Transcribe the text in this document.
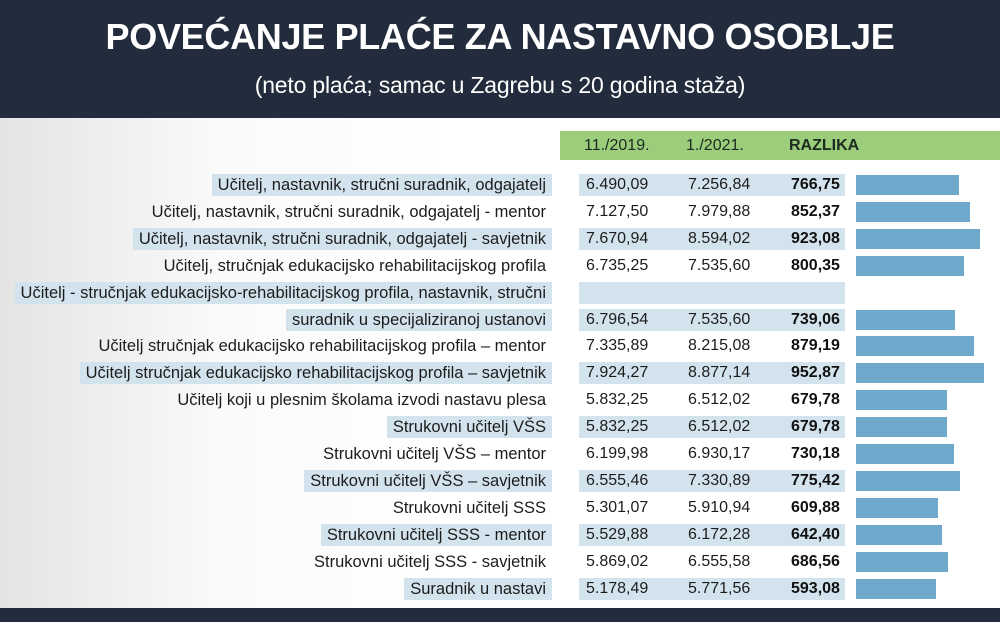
POVEĆANJE PLAĆE ZA NASTAVNO OSOBLJE
(neto plaća; samac u Zagrebu s 20 godina staža)
11./2019. 1./2021.	RAZLIKA
Učitelj, nastavnik, stručni suradnik, odgajatelj	6.490,09 7.256,84	766,75
Učitelj, nastavnik, stručni suradnik, odgajatelj - mentor	7.127,50 7.979,88	852,37
Učitelj, nastavnik, stručni suradnik, odgajatelj - savjetnik	7.670,94 8.594,02	923,08
Učitelj, stručnjak edukacijsko rehabilitacijskog profila	6.735,25 7.535,60	800,35
Učitelj - stručnjak edukacijsko-rehabilitacijskog profila, nastavnik, stručni
suradnik u specijaliziranoj ustanovi	6.796,54 7.535,60	739,06
Učitelj stručnjak edukacijsko rehabilitacijskog profila – mentor	7.335,89 8.215,08	879,19
Učitelj stručnjak edukacijsko rehabilitacijskog profila – savjetnik	7.924,27 8.877,14	952,87
Učitelj koji u plesnim školama izvodi nastavu plesa	5.832,25 6.512,02	679,78
Strukovni učitelj VŠS	5.832,25 6.512,02	679,78
Strukovni učitelj VŠS – mentor	6.199,98 6.930,17	730,18
Strukovni učitelj VŠS – savjetnik	6.555,46 7.330,89	775,42
Strukovni učitelj SSS	5.301,07 5.910,94	609,88
Strukovni učitelj SSS - mentor	5.529,88 6.172,28	642,40
Strukovni učitelj SSS - savjetnik	5.869,02 6.555,58	686,56
Suradnik u nastavi	5.178,49 5.771,56	593,08
